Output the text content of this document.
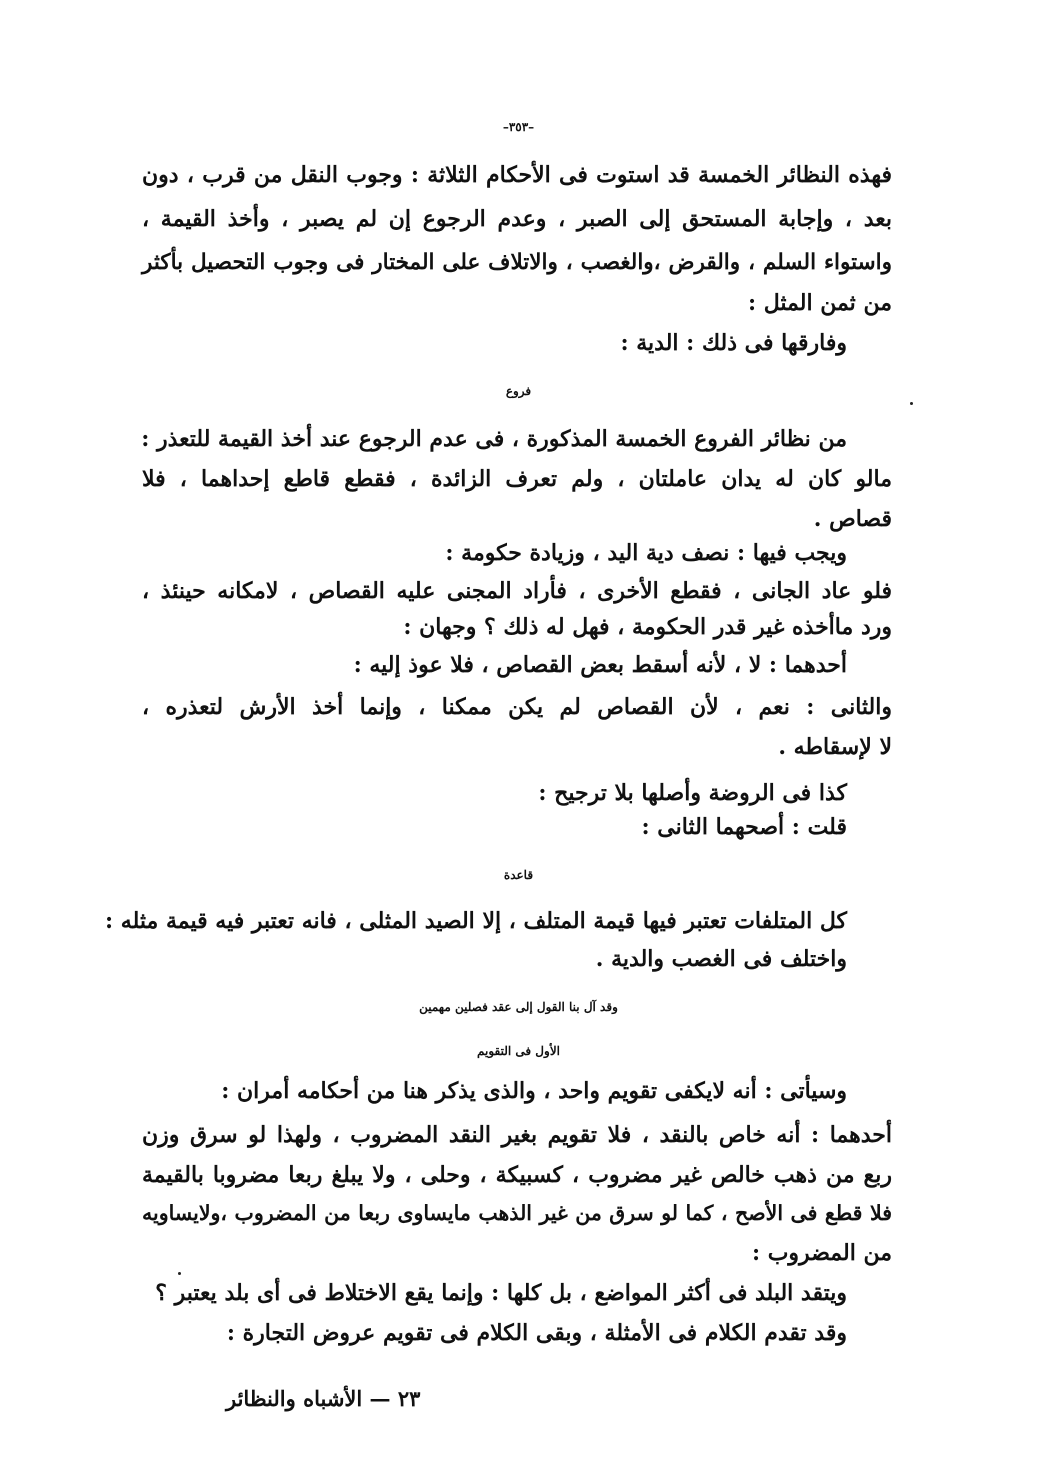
–٣٥٣–
فهذه النظائر الخمسة قد استوت فى الأحكام الثلاثة : وجوب النقل من قرب ، دون
بعد ، وإجابة المستحق إلى الصبر ، وعدم الرجوع إن لم يصبر ، وأخذ القيمة ،
واستواء السلم ، والقرض ،والغصب ، والاتلاف على المختار فى وجوب التحصيل بأكثر
من ثمن المثل :
وفارقها فى ذلك : الدية :
فروع
من نظائر الفروع الخمسة المذكورة ، فى عدم الرجوع عند أخذ القيمة للتعذر :
مالو كان له يدان عاملتان ، ولم تعرف الزائدة ، فقطع قاطع إحداهما ، فلا
قصاص .
ويجب فيها : نصف دية اليد ، وزيادة حكومة :
فلو عاد الجانى ، فقطع الأخرى ، فأراد المجنى عليه القصاص ، لامكانه حينئذ ،
ورد ماأخذه غير قدر الحكومة ، فهل له ذلك ؟ وجهان :
أحدهما : لا ، لأنه أسقط بعض القصاص ، فلا عوذ إليه :
والثانى : نعم ، لأن القصاص لم يكن ممكنا ، وإنما أخذ الأرش لتعذره ،
لا لإسقاطه .
كذا فى الروضة وأصلها بلا ترجيح :
قلت : أصحهما الثانى :
قاعدة
كل المتلفات تعتبر فيها قيمة المتلف ، إلا الصيد المثلى ، فانه تعتبر فيه قيمة مثله :
واختلف فى الغصب والدية .
وقد آل بنا القول إلى عقد فصلين مهمين
الأول فى التقويم
وسيأتى : أنه لايكفى تقويم واحد ، والذى يذكر هنا من أحكامه أمران :
أحدهما : أنه خاص بالنقد ، فلا تقويم بغير النقد المضروب ، ولهذا لو سرق وزن
ربع من ذهب خالص غير مضروب ، كسبيكة ، وحلى ، ولا يبلغ ربعا مضروبا بالقيمة
فلا قطع فى الأصح ، كما لو سرق من غير الذهب مايساوى ربعا من المضروب ،ولايساويه
من المضروب :
ويتقد البلد فى أكثر المواضع ، بل كلها : وإنما يقع الاختلاط فى أى بلد يعتبر ؟
وقد تقدم الكلام فى الأمثلة ، وبقى الكلام فى تقويم عروض التجارة :
٢٣ — الأشباه والنظائر
